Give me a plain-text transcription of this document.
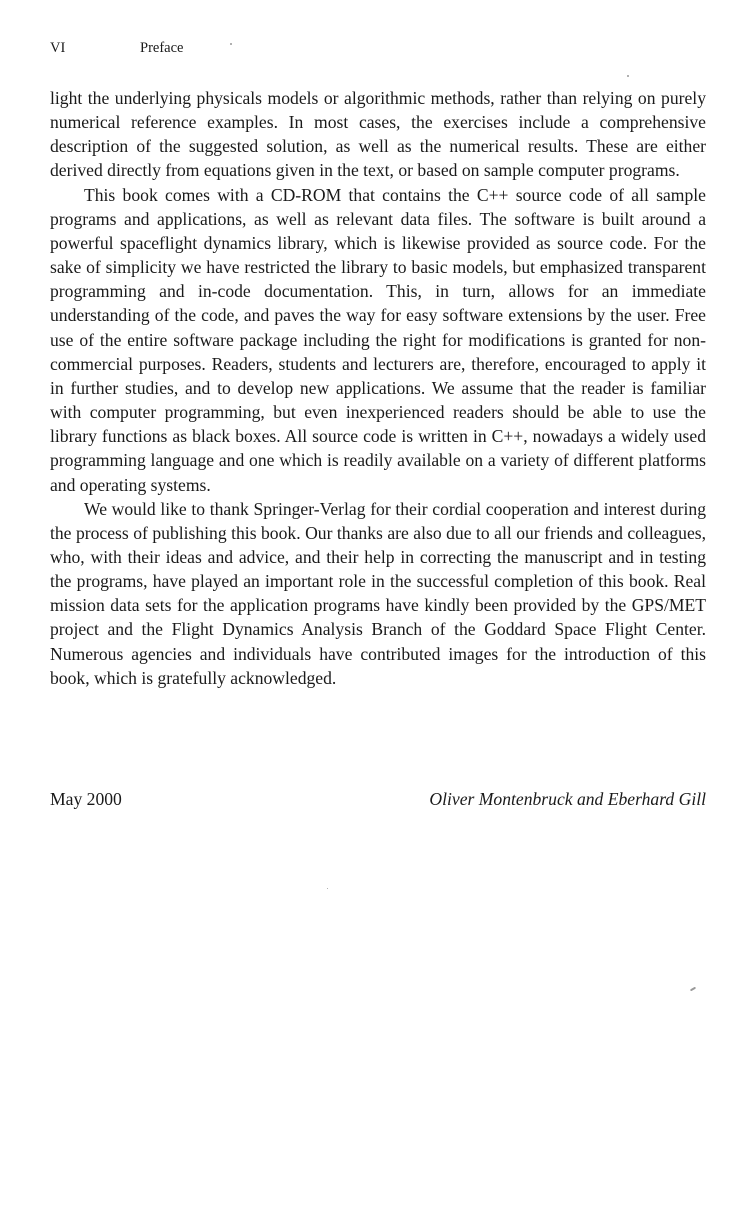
VI	Preface

light the underlying physicals models or algorithmic methods, rather than relying on purely numerical reference examples. In most cases, the exercises include a comprehensive description of the suggested solution, as well as the numerical results. These are either derived directly from equations given in the text, or based on sample computer programs.

This book comes with a CD-ROM that contains the C++ source code of all sample programs and applications, as well as relevant data files. The software is built around a powerful spaceflight dynamics library, which is likewise provided as source code. For the sake of simplicity we have restricted the library to basic models, but emphasized transparent programming and in-code documentation. This, in turn, allows for an immediate understanding of the code, and paves the way for easy software extensions by the user. Free use of the entire software package including the right for modifications is granted for non-commercial purposes. Readers, students and lecturers are, therefore, encouraged to apply it in further studies, and to develop new applications. We assume that the reader is familiar with computer programming, but even inexperienced readers should be able to use the library functions as black boxes. All source code is written in C++, nowadays a widely used programming language and one which is readily available on a variety of different platforms and operating systems.

We would like to thank Springer-Verlag for their cordial cooperation and interest during the process of publishing this book. Our thanks are also due to all our friends and colleagues, who, with their ideas and advice, and their help in correcting the manuscript and in testing the programs, have played an important role in the successful completion of this book. Real mission data sets for the application programs have kindly been provided by the GPS/MET project and the Flight Dynamics Analysis Branch of the Goddard Space Flight Center. Numerous agencies and individuals have contributed images for the introduction of this book, which is gratefully acknowledged.

May 2000	Oliver Montenbruck and Eberhard Gill
